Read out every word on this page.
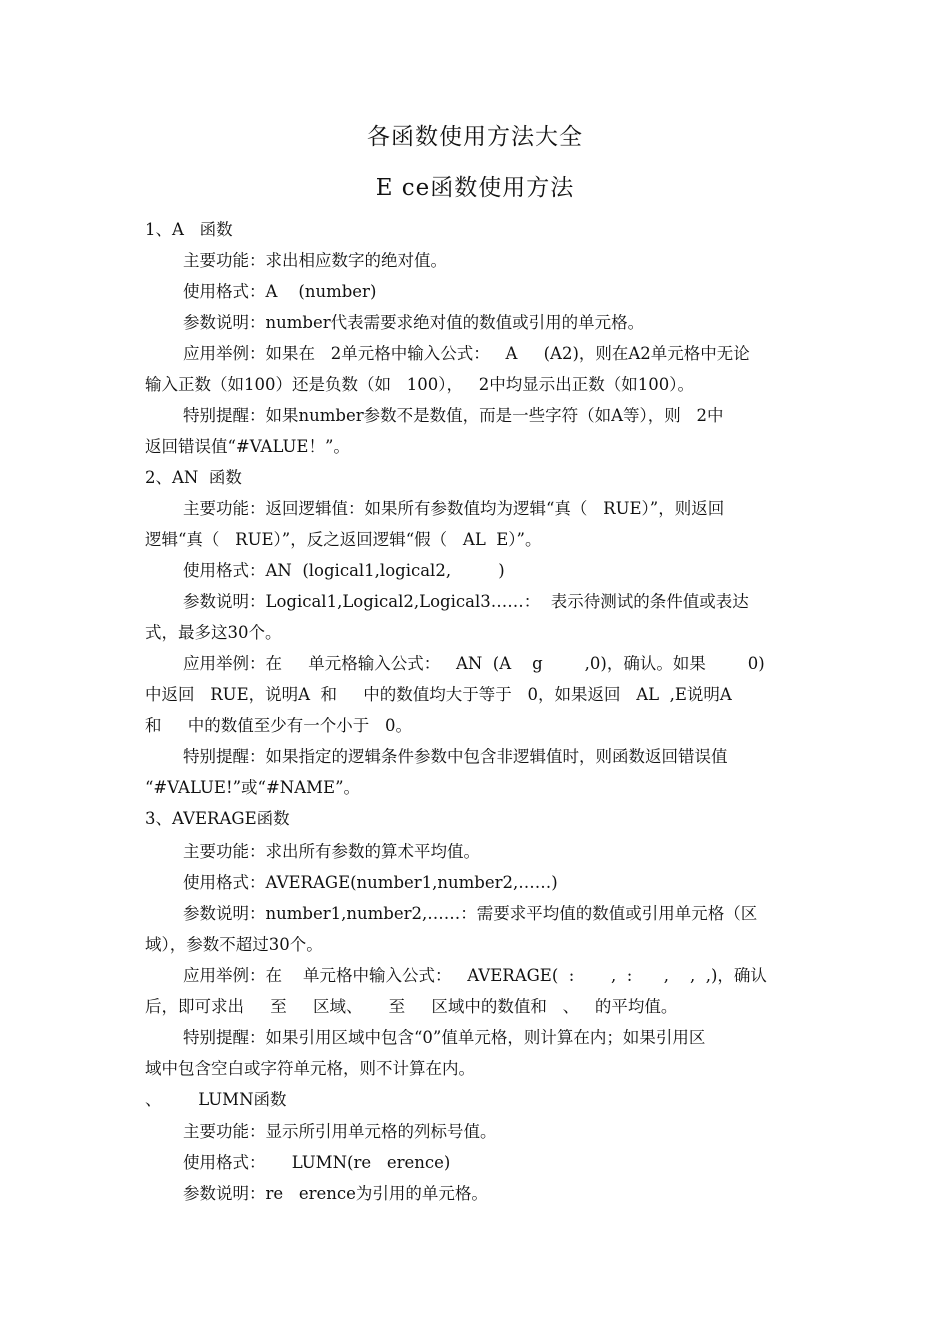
各函数使用方法大全
E ce函数使用方法
1、A   函数
主要功能：求出相应数字的绝对值。
使用格式：A    (number)
参数说明：number代表需要求绝对值的数值或引用的单元格。
应用举例：如果在   2单元格中输入公式：   A     (A2)，则在A2单元格中无论
输入正数（如100）还是负数（如   100），   2中均显示出正数（如100）。
特别提醒：如果number参数不是数值，而是一些字符（如A等），则   2中
返回错误值“#VALUE！”。
2、AN  函数
主要功能：返回逻辑值：如果所有参数值均为逻辑“真（   RUE）”，则返回
逻辑“真（   RUE）”，反之返回逻辑“假（   AL  E）”。
使用格式：AN  (logical1,logical2,         )
参数说明：Logical1,Logical2,Logical3……：  表示待测试的条件值或表达
式，最多这30个。
应用举例：在     单元格输入公式：   AN  (A    g        ,0)，确认。如果        0)
中返回   RUE，说明A  和     中的数值均大于等于   0，如果返回   AL  ,E说明A
和     中的数值至少有一个小于   0。
特别提醒：如果指定的逻辑条件参数中包含非逻辑值时，则函数返回错误值
“#VALUE!”或“#NAME”。
3、AVERAGE函数
主要功能：求出所有参数的算术平均值。
使用格式：AVERAGE(number1,number2,……)
参数说明：number1,number2,……：需要求平均值的数值或引用单元格（区
域），参数不超过30个。
应用举例：在    单元格中输入公式：   AVERAGE(  :       ,  :      ,    ,  ,)，确认
后，即可求出     至     区域、     至     区域中的数值和   、   的平均值。
特别提醒：如果引用区域中包含“0”值单元格，则计算在内；如果引用区
域中包含空白或字符单元格，则不计算在内。
、       LUMN函数
主要功能：显示所引用单元格的列标号值。
使用格式：     LUMN(re   erence)
参数说明：re   erence为引用的单元格。
